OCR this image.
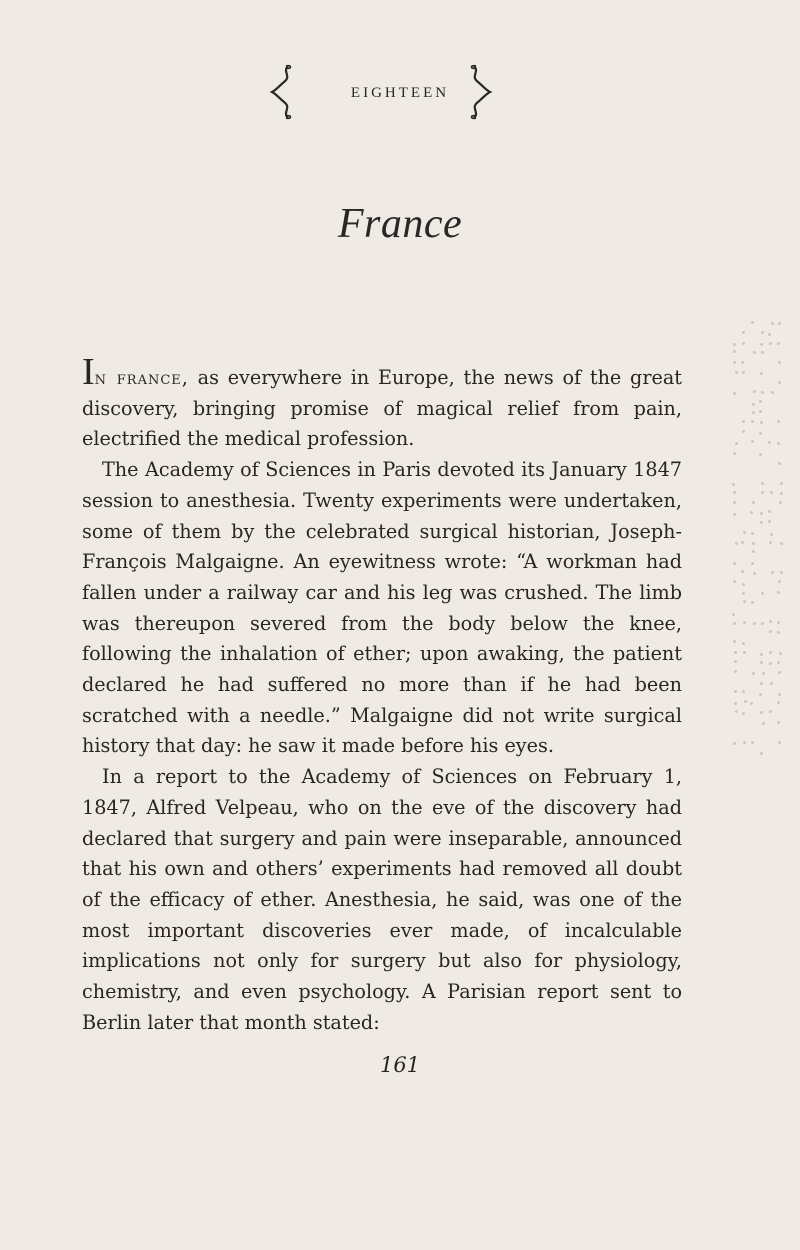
EIGHTEEN
France

In france, as everywhere in Europe, the news of the great discovery, bringing promise of magical relief from pain, electrified the medical profession.

The Academy of Sciences in Paris devoted its January 1847 session to anesthesia. Twenty experiments were undertaken, some of them by the celebrated surgical historian, Joseph-François Malgaigne. An eyewitness wrote: “A workman had fallen under a railway car and his leg was crushed. The limb was thereupon severed from the body below the knee, following the inhalation of ether; upon awaking, the patient declared he had suffered no more than if he had been scratched with a needle.” Malgaigne did not write surgical history that day: he saw it made before his eyes.

In a report to the Academy of Sciences on February 1, 1847, Alfred Velpeau, who on the eve of the discovery had declared that surgery and pain were inseparable, announced that his own and others’ experiments had removed all doubt of the efficacy of ether. Anesthesia, he said, was one of the most important discoveries ever made, of incalculable implications not only for surgery but also for physiology, chemistry, and even psychology. A Parisian report sent to Berlin later that month stated:

161
